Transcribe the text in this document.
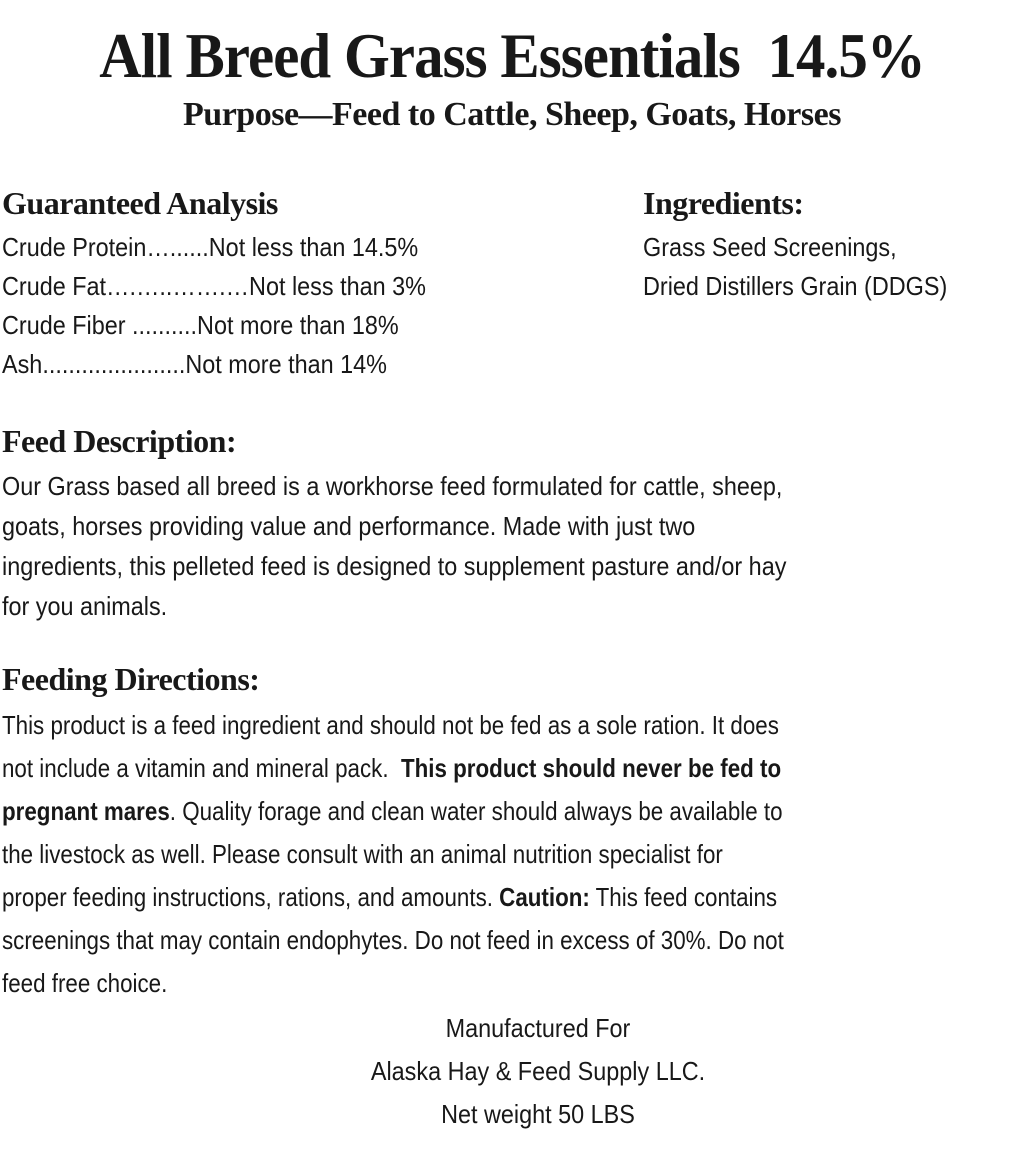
All Breed Grass Essentials  14.5%
Purpose—Feed to Cattle, Sheep, Goats, Horses
Guaranteed Analysis
Crude Protein…......Not less than 14.5%
Crude Fat….…..…….…Not less than 3%
Crude Fiber ..........Not more than 18%
Ash......................Not more than 14%
Ingredients:
Grass Seed Screenings,
Dried Distillers Grain (DDGS)
Feed Description:
Our Grass based all breed is a workhorse feed formulated for cattle, sheep,
goats, horses providing value and performance. Made with just two
ingredients, this pelleted feed is designed to supplement pasture and/or hay
for you animals.
Feeding Directions:
This product is a feed ingredient and should not be fed as a sole ration. It does
not include a vitamin and mineral pack.  This product should never be fed to
pregnant mares. Quality forage and clean water should always be available to
the livestock as well. Please consult with an animal nutrition specialist for
proper feeding instructions, rations, and amounts. Caution: This feed contains
screenings that may contain endophytes. Do not feed in excess of 30%. Do not
feed free choice.
Manufactured For
Alaska Hay & Feed Supply LLC.
Net weight 50 LBS
